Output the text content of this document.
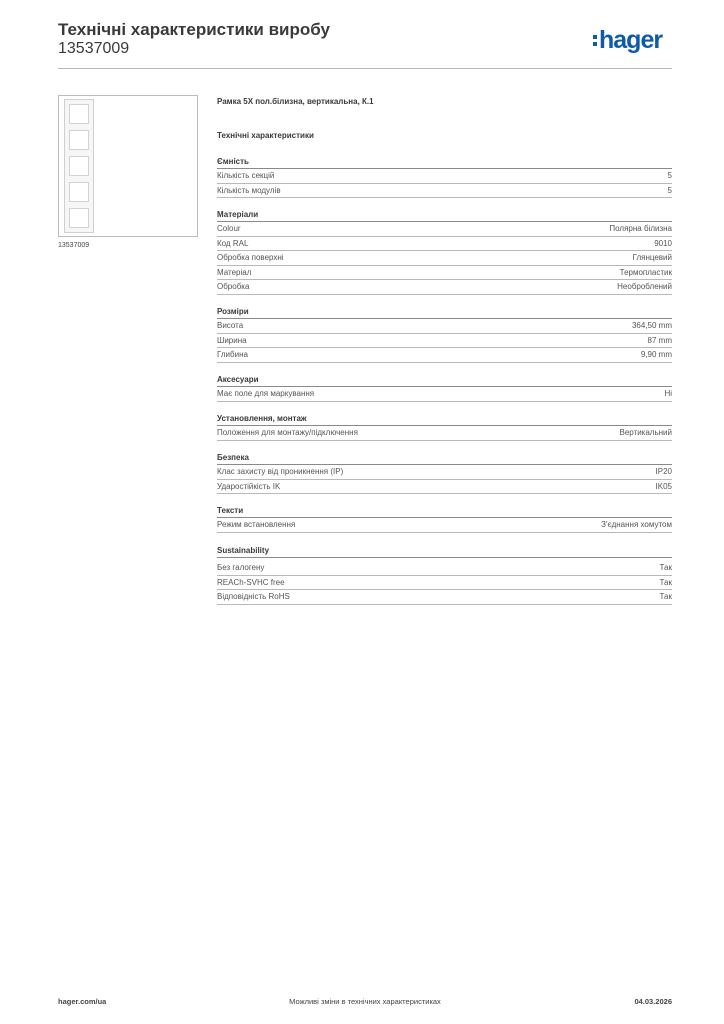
Технічні характеристики виробу
13537009	hager
13537009
Рамка 5X пол.білизна, вертикальна, К.1
Технічні характеристики
Ємність
Кількість секцій	5
Кількість модулів	5
Матеріали
Colour	Полярна білизна
Код RAL	9010
Обробка поверхні	Глянцевий
Матеріал	Термопластик
Обробка	Необроблений
Розміри
Висота	364,50 mm
Ширина	87 mm
Глибина	9,90 mm
Аксесуари
Має поле для маркування	Ні
Установлення, монтаж
Положення для монтажу/підключення	Вертикальний
Безпека
Клас захисту від проникнення (IP)	IP20
Ударостійкість IK	IK05
Тексти
Режим встановлення	З'єднання хомутом
Sustainability
Без галогену	Так
REACh-SVHC free	Так
Відповідність RoHS	Так
hager.com/ua	Можливі зміни в технічних характеристиках	04.03.2026
